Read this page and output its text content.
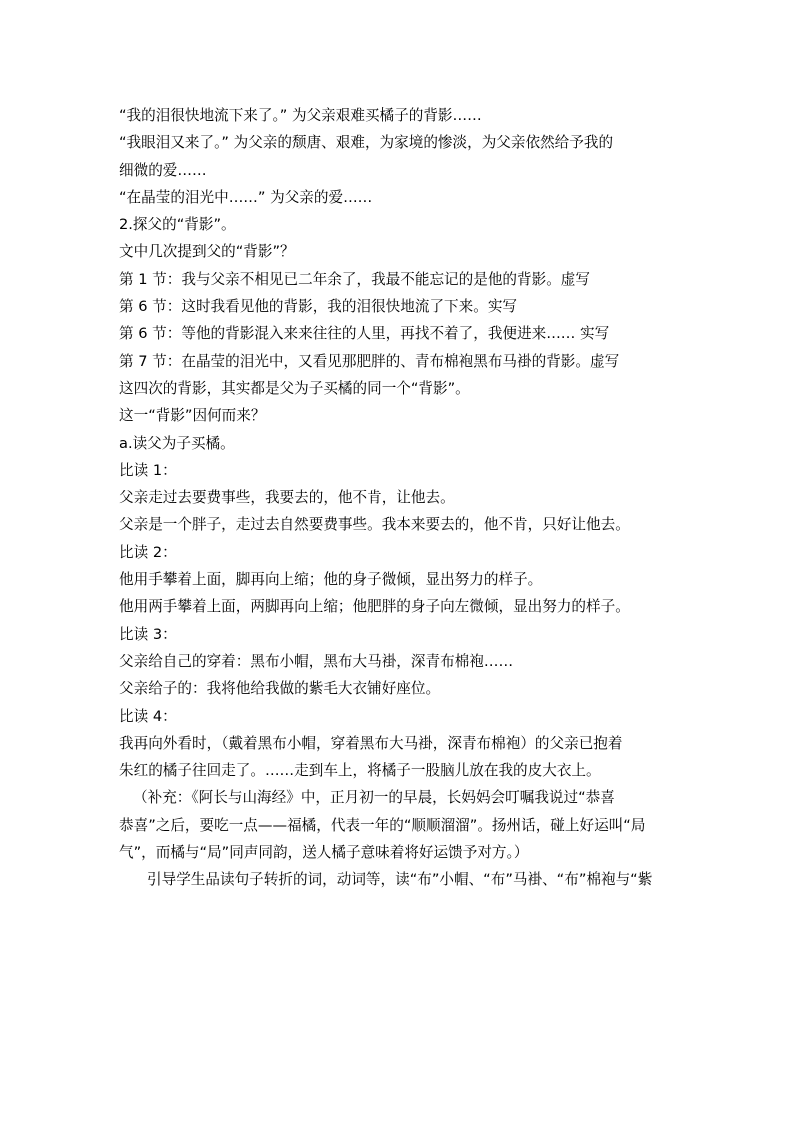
“我的泪很快地流下来了。” 为父亲艰难买橘子的背影……
“我眼泪又来了。” 为父亲的颓唐、艰难，为家境的惨淡，为父亲依然给予我的
细微的爱……
“在晶莹的泪光中……” 为父亲的爱……
2.探父的“背影”。
文中几次提到父的“背影”？
第 1 节：我与父亲不相见已二年余了，我最不能忘记的是他的背影。虚写
第 6 节：这时我看见他的背影，我的泪很快地流了下来。实写
第 6 节：等他的背影混入来来往往的人里，再找不着了，我便进来…… 实写
第 7 节：在晶莹的泪光中，又看见那肥胖的、青布棉袍黑布马褂的背影。虚写
这四次的背影，其实都是父为子买橘的同一个“背影”。
这一“背影”因何而来？
a.读父为子买橘。
比读 1：
父亲走过去要费事些，我要去的，他不肯，让他去。
父亲是一个胖子，走过去自然要费事些。我本来要去的，他不肯，只好让他去。
比读 2：
他用手攀着上面，脚再向上缩；他的身子微倾，显出努力的样子。
他用两手攀着上面，两脚再向上缩；他肥胖的身子向左微倾，显出努力的样子。
比读 3：
父亲给自己的穿着：黑布小帽，黑布大马褂，深青布棉袍……
父亲给子的：我将他给我做的紫毛大衣铺好座位。
比读 4：
我再向外看时，（戴着黑布小帽，穿着黑布大马褂，深青布棉袍）的父亲已抱着
朱红的橘子往回走了。……走到车上，将橘子一股脑儿放在我的皮大衣上。
（补充：《阿长与山海经》中，正月初一的早晨，长妈妈会叮嘱我说过“恭喜
恭喜”之后，要吃一点——福橘，代表一年的“顺顺溜溜”。扬州话，碰上好运叫“局
气”，而橘与“局”同声同韵，送人橘子意味着将好运馈予对方。）
引导学生品读句子转折的词，动词等，读“布”小帽、“布”马褂、“布”棉袍与“紫
